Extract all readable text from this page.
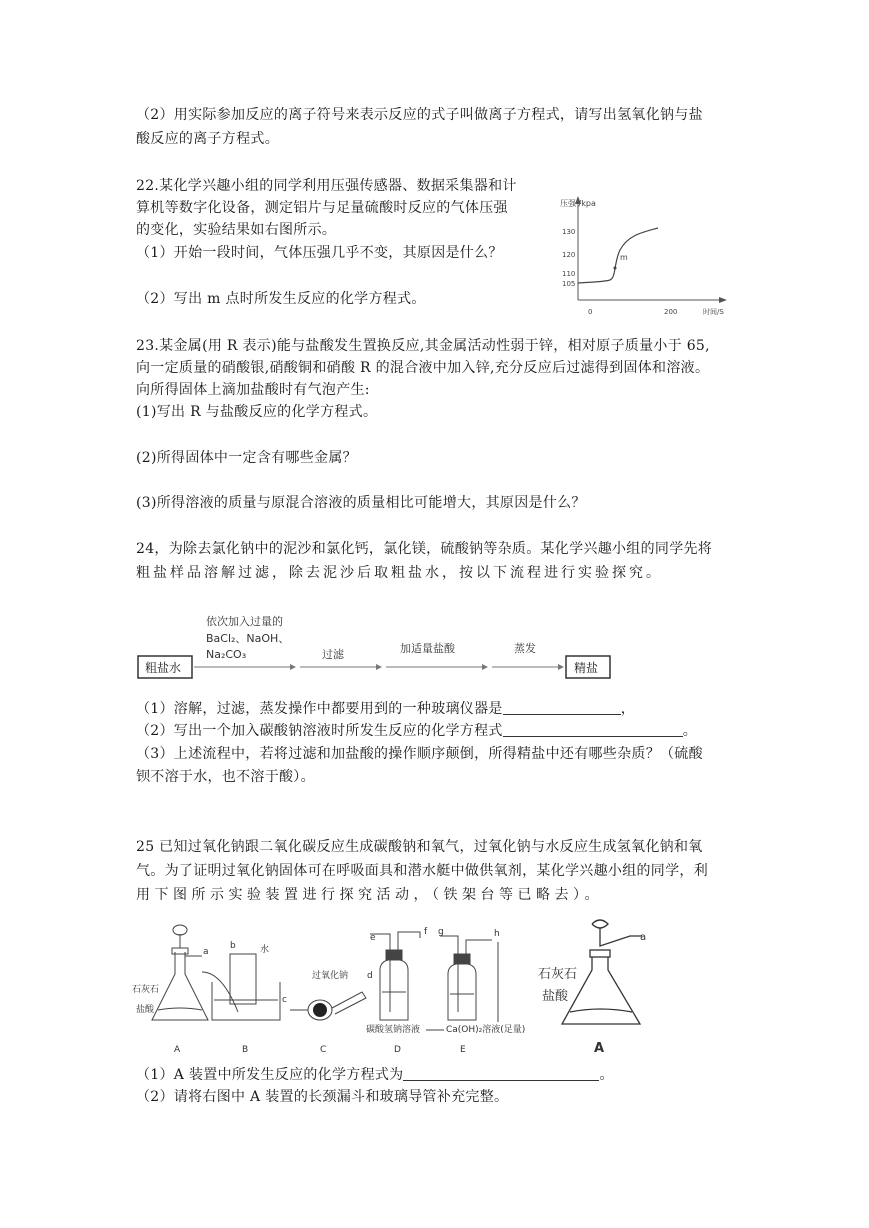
（2）用实际参加反应的离子符号来表示反应的式子叫做离子方程式，请写出氢氧化钠与盐
酸反应的离子方程式。
22.某化学兴趣小组的同学利用压强传感器、数据采集器和计
算机等数字化设备，测定铝片与足量硫酸时反应的气体压强
的变化，实验结果如右图所示。
（1）开始一段时间，气体压强几乎不变，其原因是什么？
（2）写出 m 点时所发生反应的化学方程式。
压强 /kpa
130
120
110
105
0	200	时间/S
m
23.某金属(用 R 表示)能与盐酸发生置换反应,其金属活动性弱于锌，相对原子质量小于 65,
向一定质量的硝酸银,硝酸铜和硝酸 R 的混合液中加入锌,充分反应后过滤得到固体和溶液。
向所得固体上滴加盐酸时有气泡产生:
(1)写出 R 与盐酸反应的化学方程式。
(2)所得固体中一定含有哪些金属？
(3)所得溶液的质量与原混合溶液的质量相比可能增大，其原因是什么？
24，为除去氯化钠中的泥沙和氯化钙，氯化镁，硫酸钠等杂质。某化学兴趣小组的同学先将
粗盐样品溶解过滤，除去泥沙后取粗盐水，按以下流程进行实验探究。
粗盐水
依次加入过量的
BaCl₂、NaOH、
Na₂CO₃	过滤	加适量盐酸	蒸发
精盐
（1）溶解，过滤，蒸发操作中都要用到的一种玻璃仪器是	，
（2）写出一个加入碳酸钠溶液时所发生反应的化学方程式	。
（3）上述流程中，若将过滤和加盐酸的操作顺序颠倒，所得精盐中还有哪些杂质？（硫酸
钡不溶于水，也不溶于酸）。
25 已知过氧化钠跟二氧化碳反应生成碳酸钠和氧气，过氧化钠与水反应生成氢氧化钠和氧
气。为了证明过氧化钠固体可在呼吸面具和潜水艇中做供氧剂，某化学兴趣小组的同学，利
用下图所示实验装置进行探究活动，（铁架台等已略去）。
a
石灰石
盐酸
b	水
c
过氧化钠
e
d
f g	h
碳酸氢钠溶液	Ca(OH)₂溶液(足量)
A	B	C	D	E
a
石灰石
盐酸
A
（1）A 装置中所发生反应的化学方程式为	。
（2）请将右图中 A 装置的长颈漏斗和玻璃导管补充完整。
